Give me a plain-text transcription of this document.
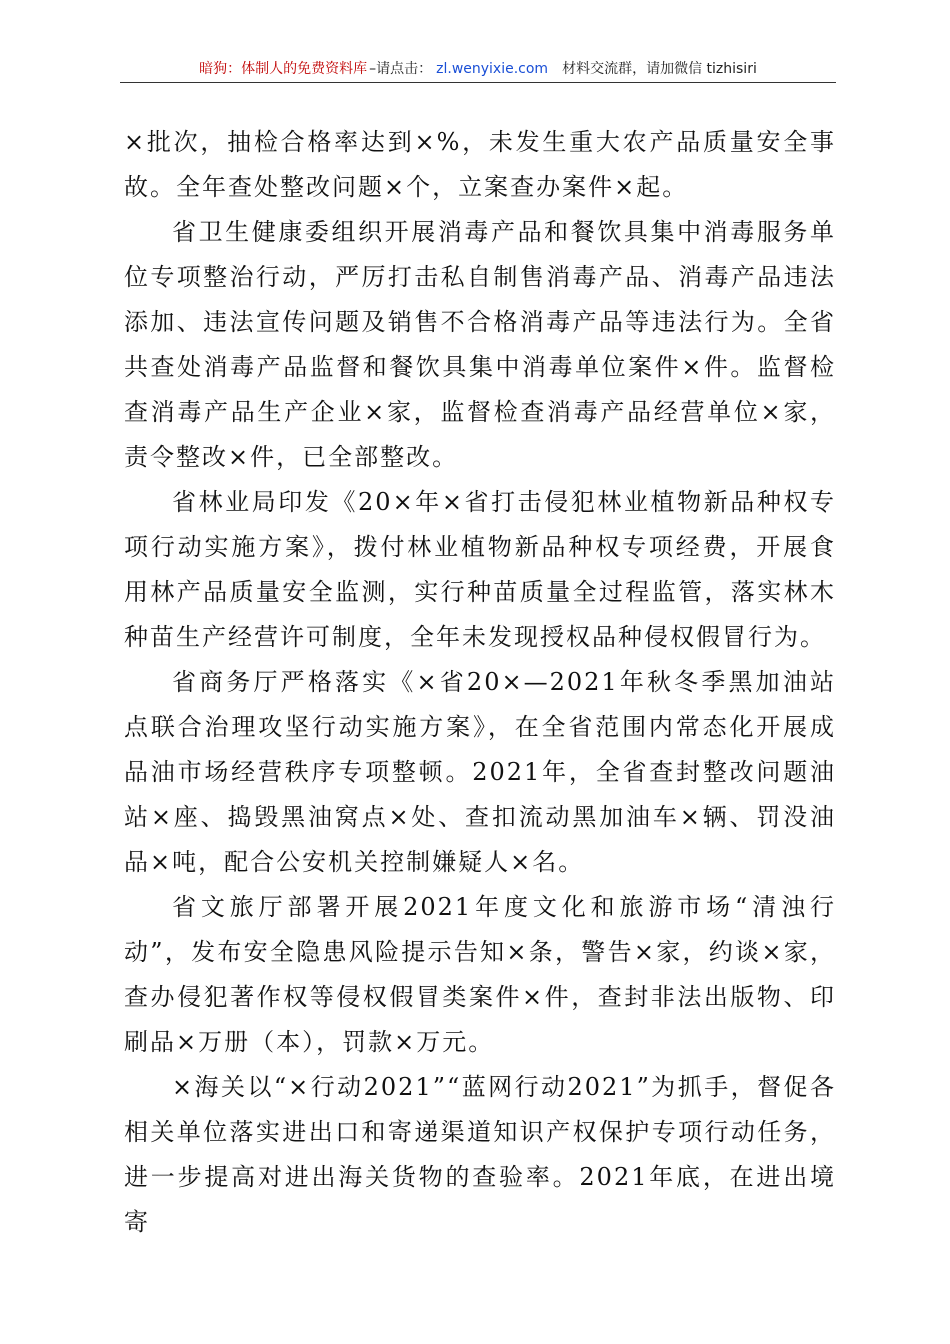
暗狗：体制人的免费资料库 –请点击： zl.wenyixie.com 材料交流群，请加微信 tizhisiri

×批次，抽检合格率达到×%，未发生重大农产品质量安全事故。全年查处整改问题×个，立案查办案件×起。

省卫生健康委组织开展消毒产品和餐饮具集中消毒服务单位专项整治行动，严厉打击私自制售消毒产品、消毒产品违法添加、违法宣传问题及销售不合格消毒产品等违法行为。全省共查处消毒产品监督和餐饮具集中消毒单位案件×件。监督检查消毒产品生产企业×家，监督检查消毒产品经营单位×家，责令整改×件，已全部整改。

省林业局印发《20×年×省打击侵犯林业植物新品种权专项行动实施方案》，拨付林业植物新品种权专项经费，开展食用林产品质量安全监测，实行种苗质量全过程监管，落实林木种苗生产经营许可制度，全年未发现授权品种侵权假冒行为。

省商务厅严格落实《×省20×—2021年秋冬季黑加油站点联合治理攻坚行动实施方案》，在全省范围内常态化开展成品油市场经营秩序专项整顿。2021年，全省查封整改问题油站×座、捣毁黑油窝点×处、查扣流动黑加油车×辆、罚没油品×吨，配合公安机关控制嫌疑人×名。

省文旅厅部署开展2021年度文化和旅游市场“清浊行动”，发布安全隐患风险提示告知×条，警告×家，约谈×家，查办侵犯著作权等侵权假冒类案件×件，查封非法出版物、印刷品×万册（本），罚款×万元。

×海关以“×行动2021”“蓝网行动2021”为抓手，督促各相关单位落实进出口和寄递渠道知识产权保护专项行动任务，进一步提高对进出海关货物的查验率。2021年底，在进出境寄
